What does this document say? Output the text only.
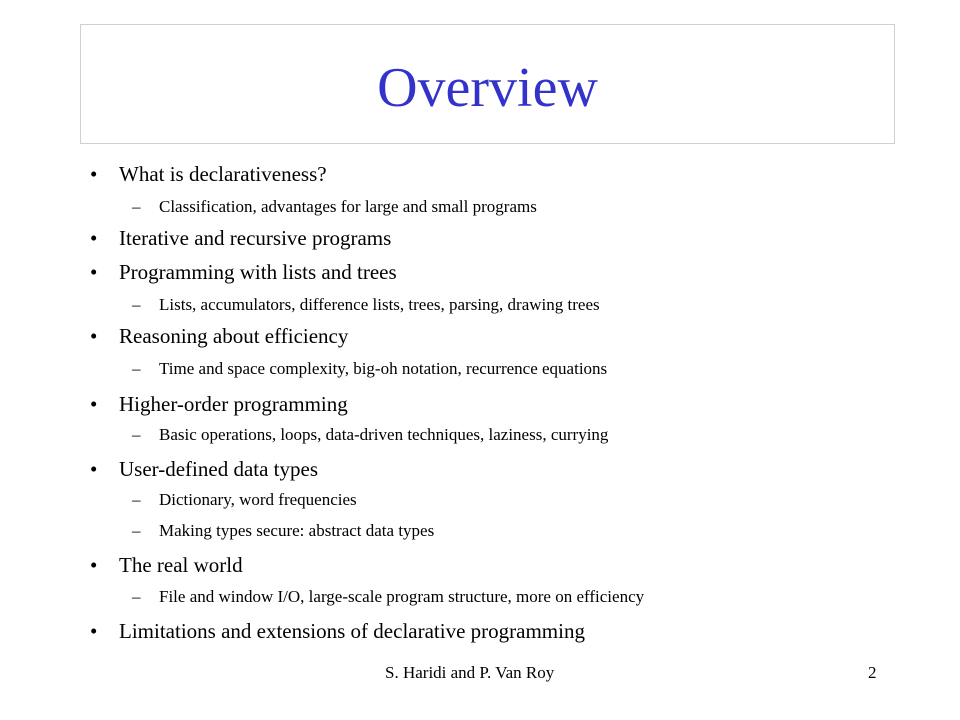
Overview
• What is declarativeness?
– Classification, advantages for large and small programs
• Iterative and recursive programs
• Programming with lists and trees
– Lists, accumulators, difference lists, trees, parsing, drawing trees
• Reasoning about efficiency
– Time and space complexity, big-oh notation, recurrence equations
• Higher-order programming
– Basic operations, loops, data-driven techniques, laziness, currying
• User-defined data types
– Dictionary, word frequencies
– Making types secure: abstract data types
• The real world
– File and window I/O, large-scale program structure, more on efficiency
• Limitations and extensions of declarative programming
S. Haridi and P. Van Roy	2
